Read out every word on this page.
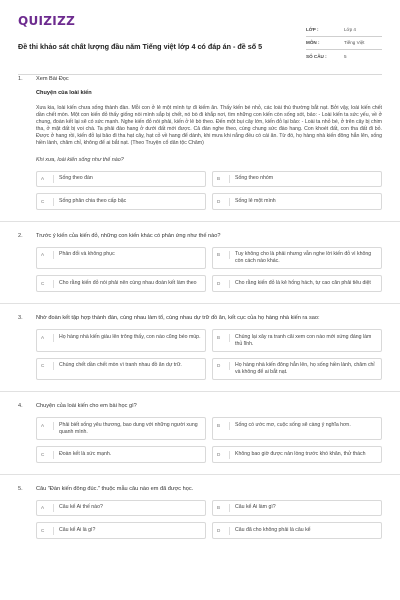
QUIZIZZ
Đề thi khảo sát chất lượng đầu năm Tiếng việt lớp 4 có đáp án - đề số 5
LỚP :	Lớp 4
MÔN :	Tiếng Việt
SỐ CÂU :	5
1. Xem Bài Đọc
Chuyện của loài kiến
Xưa kia, loài kiến chưa sống thành đàn. Mỗi con ở lẻ một mình tự đi kiếm ăn. Thấy kiến bé nhỏ, các loài thú thường bắt nạt. Bởi vậy, loài kiến chết dần chết mòn. Một con kiến đỏ thấy giống nòi mình sắp bị chết, nó bò đi khắp nơi, tìm những con kiến còn sống sót, bảo: - Loài kiến ta sức yếu, về ở chung, đoàn kết lại sẽ có sức mạnh. Nghe kiến đỏ nói phải, kiến ở lẻ bò theo. Đến một bụi cây lớn, kiến đỏ lại bảo: - Loài ta nhỏ bé, ở trên cây bị chim tha, ở mặt đất bị voi chà. Ta phải đào hang ở dưới đất mới được. Cả đàn nghe theo, cùng chung sức đào hang. Con khoét đất, con tha đất đi bỏ. Được ở hang rồi, kiến đỏ lại bảo đi tha hạt cây, hạt cỏ về hang để dành, khi mưa khi nắng đều có cái ăn. Từ đó, họ hàng nhà kiến đông hẳn lên, sống hiền lành, chăm chỉ, không để ai bắt nạt. (Theo Truyện cổ dân tộc Chăm)
Khi xưa, loài kiến sống như thế nào?
A	Sống theo đàn	B	Sống theo nhóm
C	Sống phân chia theo cấp bậc	D	Sống lẻ một mình
2. Trước ý kiến của kiến đỏ, những con kiến khác có phản ứng như thế nào?
A	Phản đối và không phục	B	Tuy không cho là phải nhưng vẫn nghe lời kiến đỏ vì không còn cách nào khác.
C	Cho rằng kiến đỏ nói phải nên cùng nhau đoàn kết làm theo	D	Cho rằng kiến đỏ là kẻ hống hách, tự cao căn phải tiêu diệt
3. Nhờ đoàn kết tập hợp thành đàn, cùng nhau làm tổ, cùng nhau dự trữ đồ ăn, kết cục của họ hàng nhà kiến ra sao:
A	Họ hàng nhà kiến giàu lên trông thấy, con nào cũng béo múp.	B	Chúng lại xây ra tranh cãi xem con nào mới xứng đáng làm thủ lĩnh.
C	Chúng chết dần chết mòn vì tranh nhau đồ ăn dự trữ.	D	Họ hàng nhà kiến đông hẳn lên, họ sống hiền lành, chăm chỉ và không để ai bắt nạt.
4. Chuyện của loài kiến cho em bài học gì?
A	Phải biết sống yêu thương, bao dung với những người xung quanh mình.
B	Sống có ước mơ, cuộc sống sẽ càng ý nghĩa hơn.
C	Đoàn kết là sức mạnh.	D	Không bao giờ được nản lòng trước khó khăn, thử thách
5. Câu "Đàn kiến đông đúc." thuộc mẫu câu nào em đã được học.
A	Câu kể Ai thế nào?	B	Câu kể Ai làm gì?
C	Câu kể Ai là gì?	D	Câu đã cho không phải là câu kể
